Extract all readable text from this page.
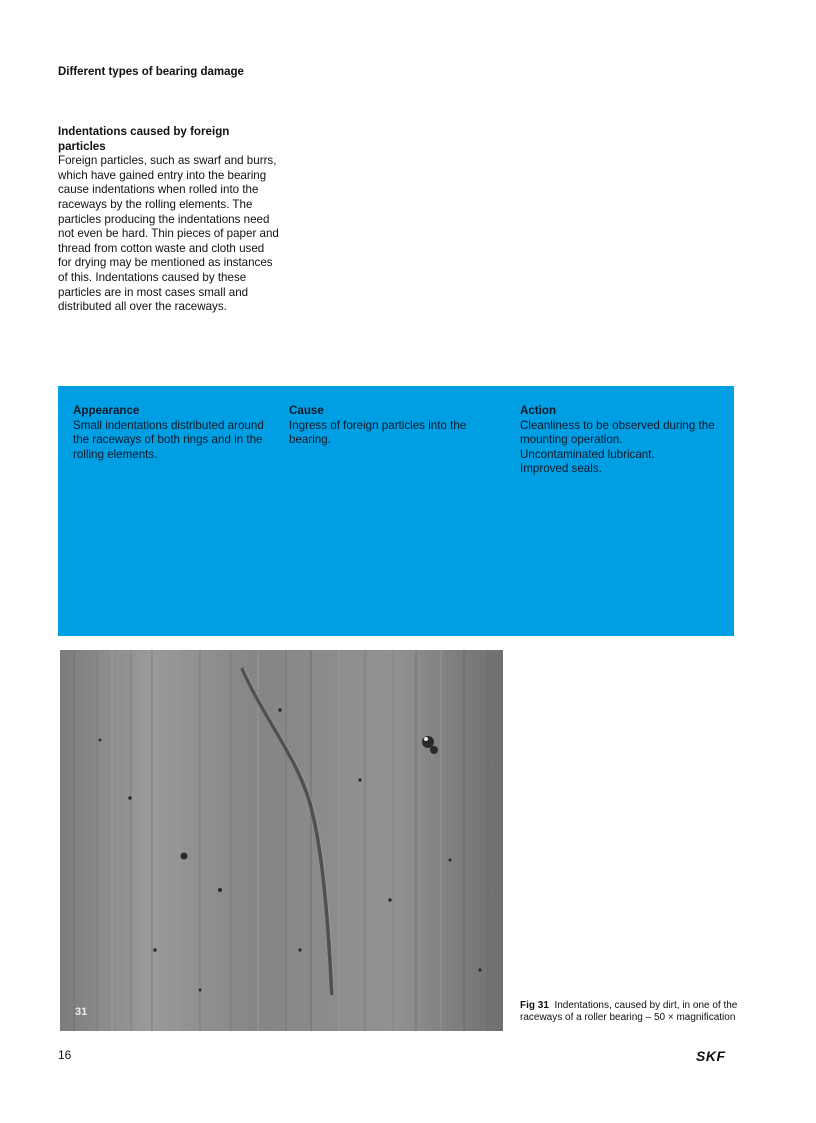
Different types of bearing damage
Indentations caused by foreign particles
Foreign particles, such as swarf and burrs, which have gained entry into the bearing cause indentations when rolled into the raceways by the rolling elements. The particles producing the indentations need not even be hard. Thin pieces of paper and thread from cotton waste and cloth used for drying may be mentioned as instances of this. Indentations caused by these particles are in most cases small and distributed all over the raceways.
Appearance
Small indentations distributed around the raceways of both rings and in the rolling elements.
Cause
Ingress of foreign particles into the bearing.
Action
Cleanliness to be observed during the mounting operation.
Uncontaminated lubricant.
Improved seals.
31
Fig 31 Indentations, caused by dirt, in one of the raceways of a roller bearing – 50 × magnification
16	SKF
